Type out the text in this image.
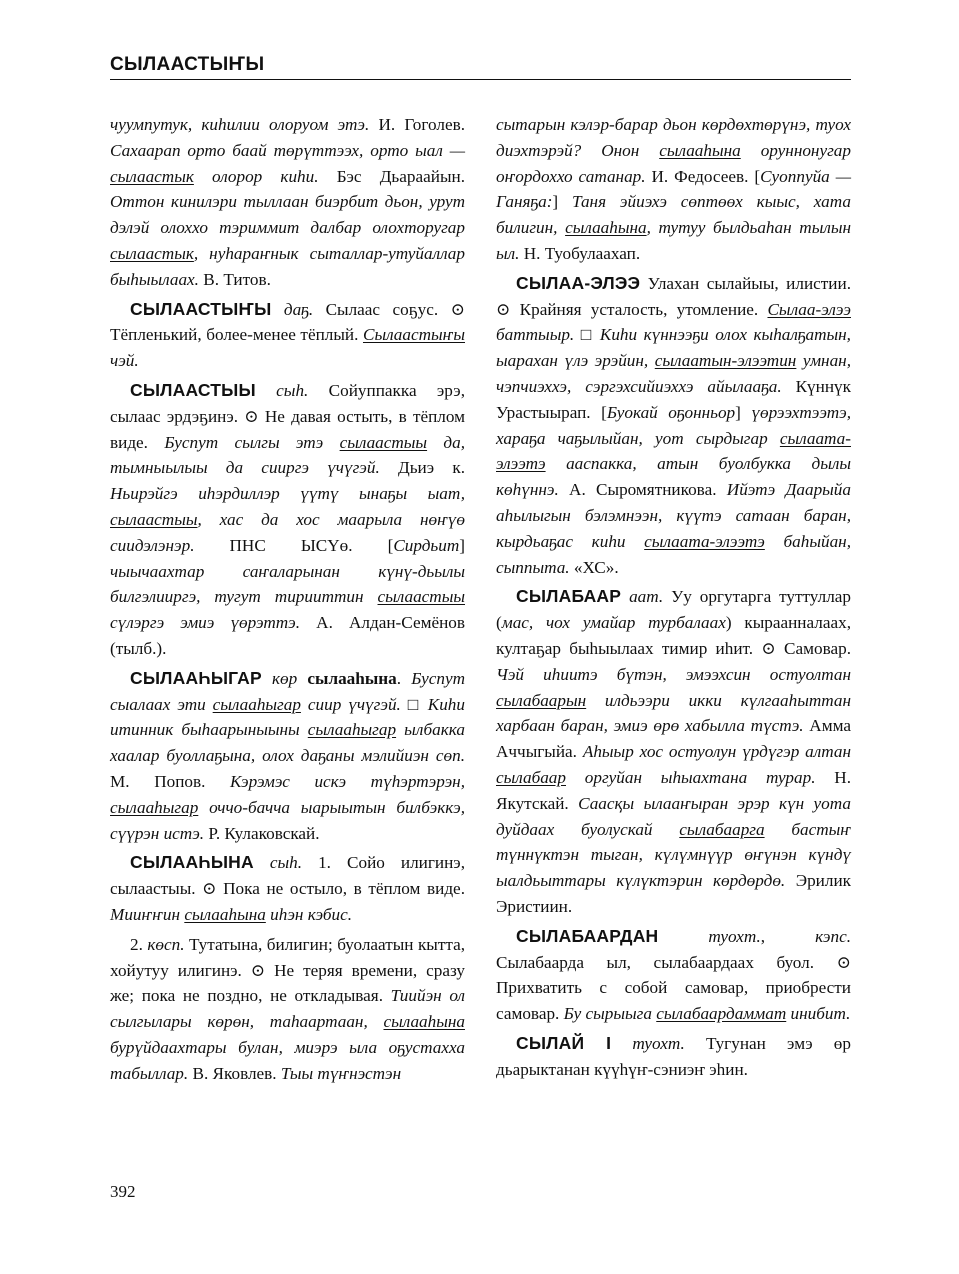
СЫЛААСТЫҤЫ

чуумпутук, киһилии олоруом этэ. И. Гоголев. Сахаарап орто баай төрүттээх, орто ыал — сылаастык олорор киһи. Бэс Дьараайын. Оттон кинилэри тыллаан биэрбит дьон, урут дэлэй олоххо тэриммит далбар олохторугар сылаастык, нуһараҥнык сыталлар-утуйаллар быһыылаах. В. Титов.

СЫЛААСТЫҤЫ даҕ. Сылаас соҕус. ⊙ Тёпленький, более-менее тёплый. Сылаастыҥы чэй.

СЫЛААСТЫЫ сыһ. Сойуппакка эрэ, сылаас эрдэҕинэ. ⊙ Не давая остыть, в тёплом виде. Буспут сылгы этэ сылаастыы да, тымныылыы да сииргэ үчүгэй. Дьиэ к. Ньирэйгэ иһэрдиллэр үүтү ынаҕы ыат, сылаастыы, хас да хос маарыла нөҥүө сиидэлэнэр. ПНС ЫСҮө. [Сирдьит] чыычаахтар саҥаларынан күнү-дьылы билгэлииргэ, тугут тирииттин сылаастыы сүлэргэ эмиэ үөрэттэ. А. Алдан-Семёнов (тылб.).

СЫЛААҺЫГАР көр сылааһына. Буспут сыалаах эти сылааһыгар сиир үчүгэй. □ Киһи итинник быһаарыныыны сылааһыгар ылбакка хаалар буоллаҕына, олох даҕаны мэлийиэн сөп. М. Попов. Кэрэмэс искэ түһэртэрэн, сылааһыгар оччо-бачча ыарыытын билбэккэ, сүүрэн истэ. Р. Кулаковскай.

СЫЛААҺЫНА сыһ. 1. Сойо илигинэ, сылаастыы. ⊙ Пока не остыло, в тёплом виде. Мииҥҥин сылааһына иһэн кэбис.

2. көсп. Тутатына, билигин; буолаатын кытта, хойутуу илигинэ. ⊙ Не теряя времени, сразу же; пока не поздно, не откладывая. Тиийэн ол сылгылары көрөн, таһаартаан, сылааһына бурүйдаахтары булан, миэрэ ыла оҕустахха табыллар. В. Яковлев. Тыы түҥнэстэн

сытарын кэлэр-барар дьон көрдөхтөрүнэ, туох диэхтэрэй? Онон сылааһына оруннонугар оҥордоххо сатанар. И. Федосеев. [Суоппуйа — Ганяҕа:] Таня эйиэхэ сөптөөх кыыс, хата билигин, сылааһына, тутуу былдьаһан тылын ыл. Н. Туобулаахап.

СЫЛАА-ЭЛЭЭ Улахан сылайыы, илистии. ⊙ Крайняя усталость, утомление. Сылаа-элээ баттыыр. □ Киһи күннээҕи олох кыһалҕатын, ыарахан үлэ эрэйин, сылаатын-элээтин умнан, чэпчиэххэ, сэргэхсийиэххэ айылааҕа. Күннүк Урастыырап. [Буокай оҕонньор] үөрээхтээтэ, хараҕа чаҕылыйан, уот сырдыгар сылаата-элээтэ ааспакка, атын буолбукка дылы көһүннэ. А. Сыромятникова. Ийэтэ Даарыйа аһылыгын бэлэмнээн, күүтэ сатаан баран, кырдьаҕас киһи сылаата-элээтэ баһыйан, сыппыта. «ХС».

СЫЛАБААР аат. Уу оргутарга туттуллар (мас, чох умайар турбалаах) кыраанналаах, култаҕар быһыылаах тимир иһит. ⊙ Самовар. Чэй иһиитэ бүтэн, эмээхсин остуолтан сылабаарын илдьээри икки күлгааһыттан харбаан баран, эмиэ өрө хабылла түстэ. Амма Аччыгыйа. Аһыыр хос остуолун үрдүгэр алтан сылабаар оргуйан ыһыахтана турар. Н. Якутскай. Саасқы ылааҥыран эрэр күн уота дуйдаах буолускай сылабаарга бастыҥ түннүктэн тыган, күлүмнүүр өҥүнэн күндү ыалдьыттары күлүктэрин көрдөрдө. Эрилик Эристиин.

СЫЛАБААРДАН туохт., кэпс. Сылабаарда ыл, сылабаардаах буол. ⊙ Прихватить с собой самовар, приобрести самовар. Бу сырыыга сылабаардаммат инибит.

СЫЛАЙ I туохт. Тугунан эмэ өр дьарыктанан күүһүҥ-сэниэҥ эһин.

392
